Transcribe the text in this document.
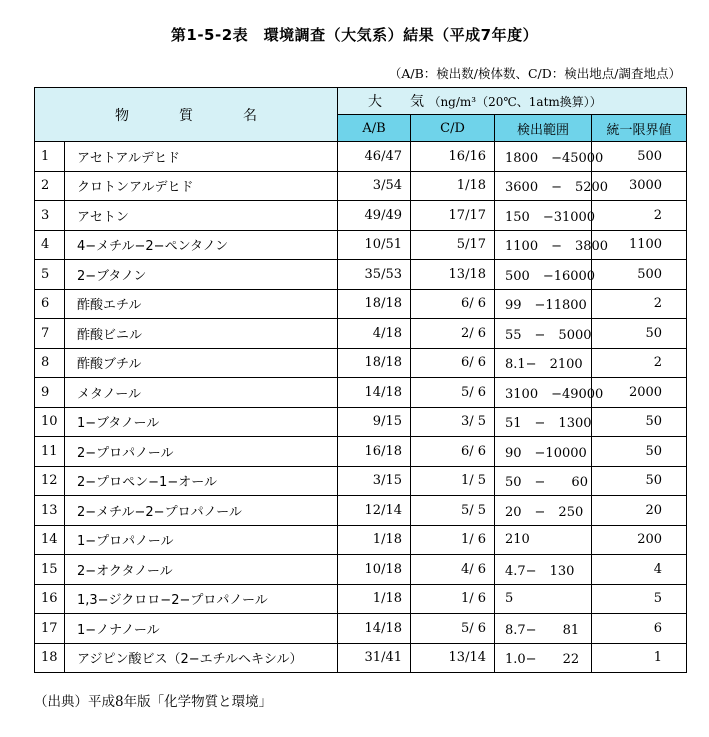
第1-5-2表　環境調査（大気系）結果（平成7年度）
（A/B：検出数/検体数、C/D：検出地点/調査地点）
物　質　名		大　　気 （ng/m³（20℃、1atm換算））			
		A/B	C/D	検出範囲	統一限界値
1	アセトアルデヒド	46/47	16/16	1800　−45000	500
2	クロトンアルデヒド	3/54	1/18	3600　−　5200	3000
3	アセトン	49/49	17/17	150　−31000	2
4	4−メチル−2−ペンタノン	10/51	5/17	1100　−　3800	1100
5	2−ブタノン	35/53	13/18	500　−16000	500
6	酢酸エチル	18/18	6/ 6	99　−11800	2
7	酢酸ビニル	4/18	2/ 6	55　−　5000	50
8	酢酸ブチル	18/18	6/ 6	8.1−　2100	2
9	メタノール	14/18	5/ 6	3100　−49000	2000
10	1−ブタノール	9/15	3/ 5	51　−　1300	50
11	2−プロパノール	16/18	6/ 6	90　−10000	50
12	2−プロペン−1−オール	3/15	1/ 5	50　−　　60	50
13	2−メチル−2−プロパノール	12/14	5/ 5	20　−　250	20
14	1−プロパノール	1/18	1/ 6	210	200
15	2−オクタノール	10/18	4/ 6	4.7−　130	4
16	1,3−ジクロロ−2−プロパノール	1/18	1/ 6	5	5
17	1−ノナノール	14/18	5/ 6	8.7−　　81	6
18	アジピン酸ビス（2−エチルヘキシル）	31/41	13/14	1.0−　　22	1
（出典）平成8年版「化学物質と環境」
